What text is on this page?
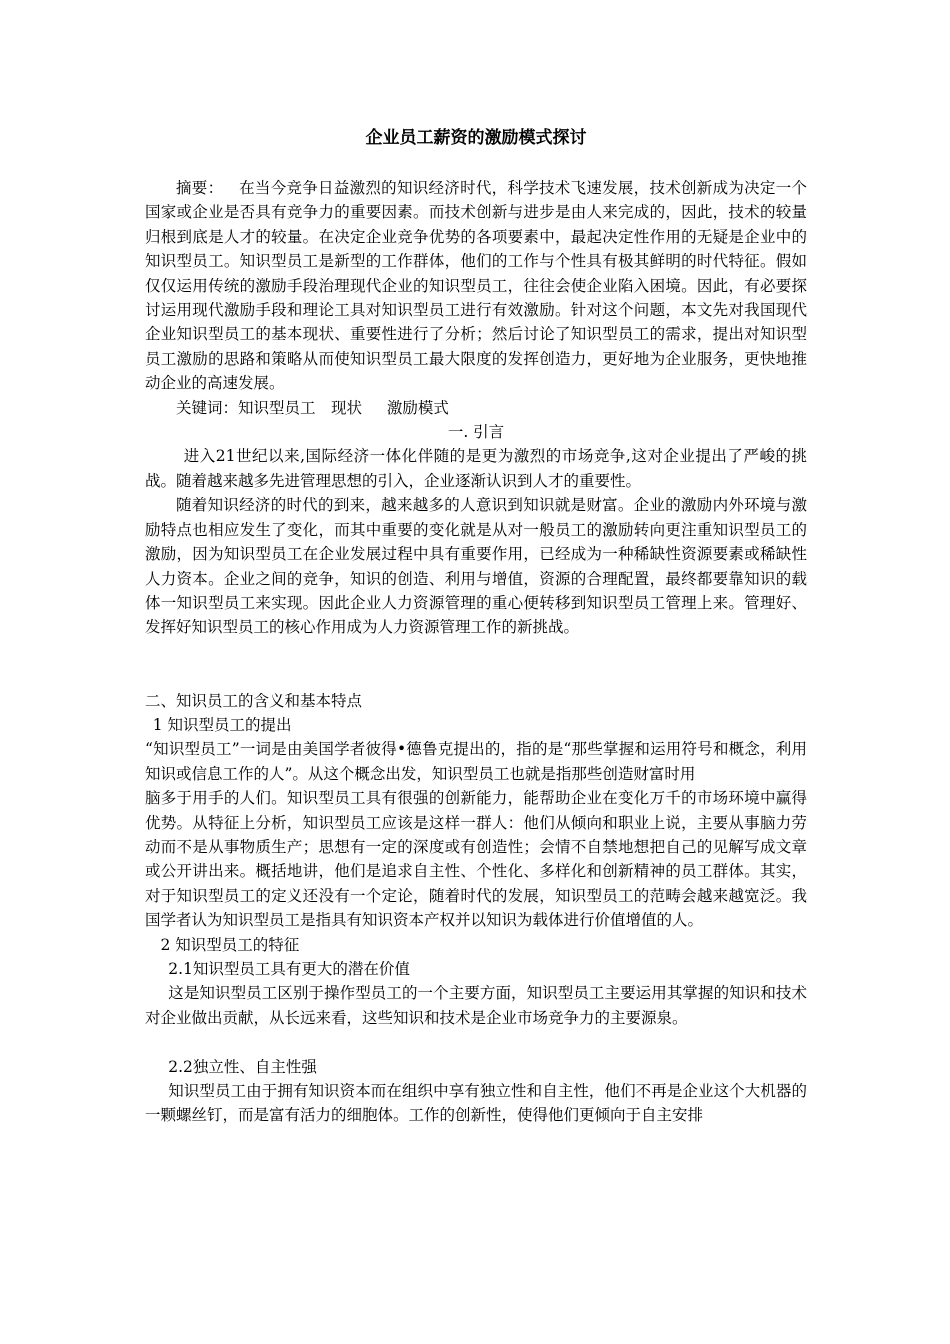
企业员工薪资的激励模式探讨

摘要： 在当今竞争日益激烈的知识经济时代，科学技术飞速发展，技术创新成为决定一个国家或企业是否具有竞争力的重要因素。而技术创新与进步是由人来完成的，因此，技术的较量归根到底是人才的较量。在决定企业竞争优势的各项要素中，最起决定性作用的无疑是企业中的知识型员工。知识型员工是新型的工作群体，他们的工作与个性具有极其鲜明的时代特征。假如仅仅运用传统的激励手段治理现代企业的知识型员工，往往会使企业陷入困境。因此，有必要探讨运用现代激励手段和理论工具对知识型员工进行有效激励。针对这个问题，本文先对我国现代企业知识型员工的基本现状、重要性进行了分析；然后讨论了知识型员工的需求，提出对知识型员工激励的思路和策略从而使知识型员工最大限度的发挥创造力，更好地为企业服务，更快地推动企业的高速发展。

关键词：知识型员工 现状 激励模式

一. 引言

进入21世纪以来,国际经济一体化伴随的是更为激烈的市场竞争,这对企业提出了严峻的挑战。随着越来越多先进管理思想的引入，企业逐渐认识到人才的重要性。

随着知识经济的时代的到来，越来越多的人意识到知识就是财富。企业的激励内外环境与激励特点也相应发生了变化，而其中重要的变化就是从对一般员工的激励转向更注重知识型员工的激励，因为知识型员工在企业发展过程中具有重要作用，已经成为一种稀缺性资源要素或稀缺性人力资本。企业之间的竞争，知识的创造、利用与增值，资源的合理配置，最终都要靠知识的载体一知识型员工来实现。因此企业人力资源管理的重心便转移到知识型员工管理上来。管理好、发挥好知识型员工的核心作用成为人力资源管理工作的新挑战。

二、知识员工的含义和基本特点

1 知识型员工的提出

“知识型员工”一词是由美国学者彼得•德鲁克提出的，指的是“那些掌握和运用符号和概念，利用知识或信息工作的人”。从这个概念出发，知识型员工也就是指那些创造财富时用

脑多于用手的人们。知识型员工具有很强的创新能力，能帮助企业在变化万千的市场环境中赢得优势。从特征上分析，知识型员工应该是这样一群人：他们从倾向和职业上说，主要从事脑力劳动而不是从事物质生产；思想有一定的深度或有创造性；会情不自禁地想把自己的见解写成文章或公开讲出来。概括地讲，他们是追求自主性、个性化、多样化和创新精神的员工群体。其实，对于知识型员工的定义还没有一个定论，随着时代的发展，知识型员工的范畴会越来越宽泛。我国学者认为知识型员工是指具有知识资本产权并以知识为载体进行价值增值的人。

2 知识型员工的特征

2.1知识型员工具有更大的潜在价值

这是知识型员工区别于操作型员工的一个主要方面，知识型员工主要运用其掌握的知识和技术对企业做出贡献，从长远来看，这些知识和技术是企业市场竞争力的主要源泉。

2.2独立性、自主性强

知识型员工由于拥有知识资本而在组织中享有独立性和自主性，他们不再是企业这个大机器的一颗螺丝钉，而是富有活力的细胞体。工作的创新性，使得他们更倾向于自主安排
